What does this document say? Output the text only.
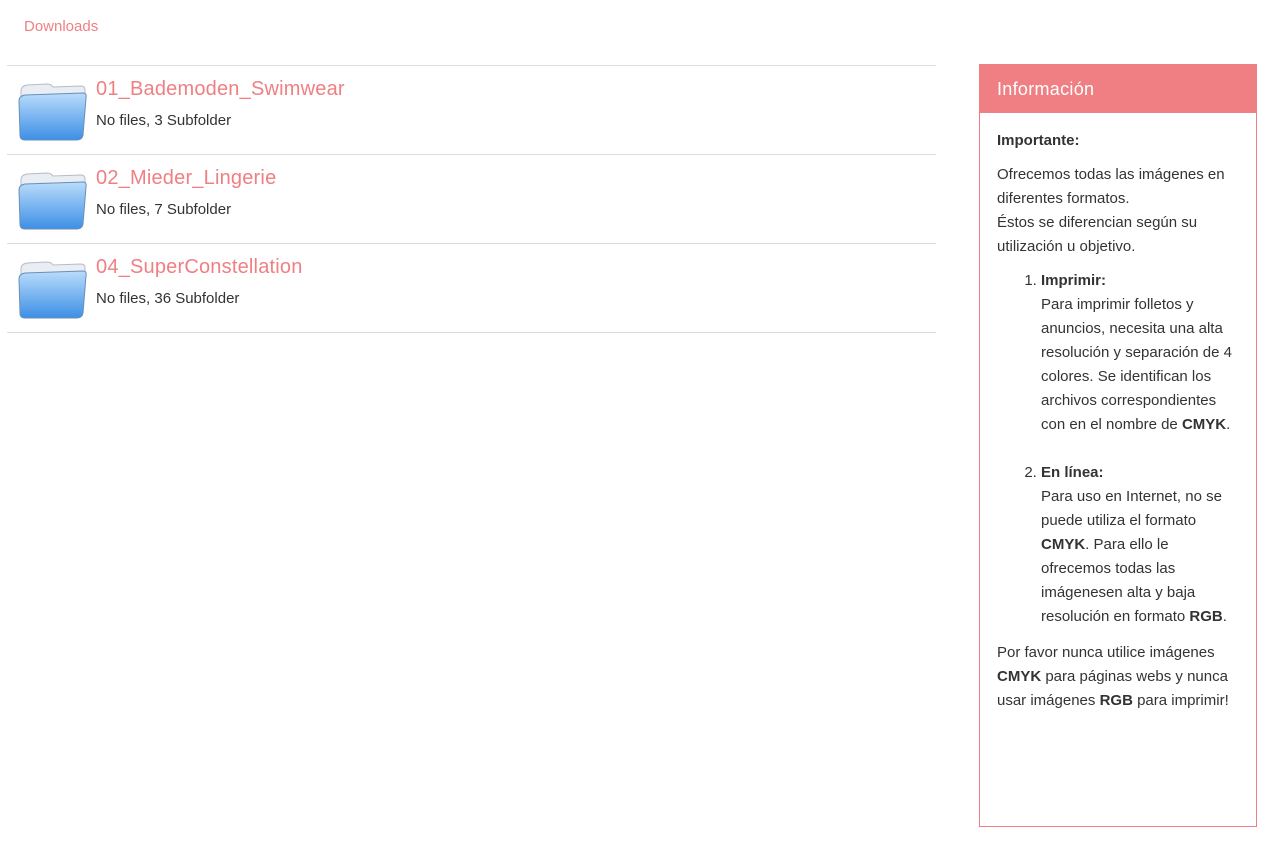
Downloads
01_Bademoden_Swimwear
No files, 3 Subfolder
02_Mieder_Lingerie
No files, 7 Subfolder
04_SuperConstellation
No files, 36 Subfolder
Información

Importante:

Ofrecemos todas las imágenes en diferentes formatos.
Éstos se diferencian según su utilización u objetivo.

1. Imprimir:
Para imprimir folletos y anuncios, necesita una alta resolución y separación de 4 colores. Se identifican los archivos correspondientes con en el nombre de CMYK.
2. En línea:
Para uso en Internet, no se puede utiliza el formato CMYK. Para ello le ofrecemos todas las imágenesen alta y baja resolución en formato RGB.

Por favor nunca utilice imágenes CMYK para páginas webs y nunca usar imágenes RGB para imprimir!
